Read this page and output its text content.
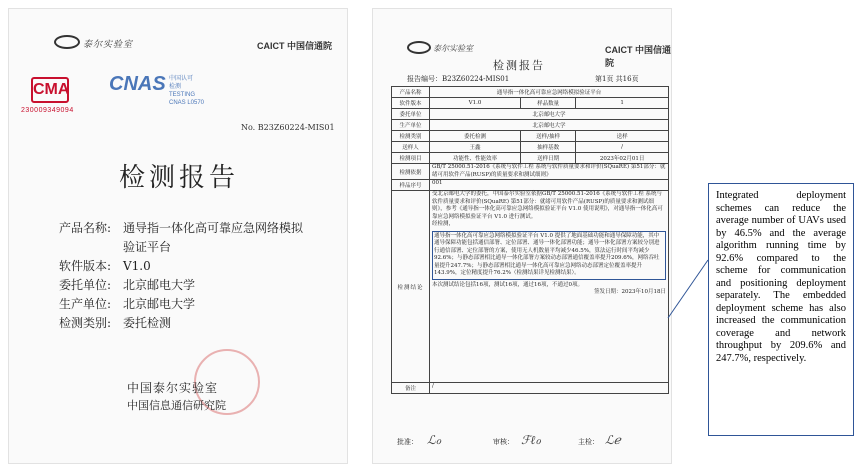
泰尔实验室	CAICT 中国信通院
CMA
230009349094
CNAS 中国认可
检测
TESTING
CNAS L0570
No. B23Z60224-MIS01
检测报告
产品名称: 通导指一体化高可靠应急网络模拟验证平台
软件版本: V1.0
委托单位: 北京邮电大学
生产单位: 北京邮电大学
检测类别: 委托检测
中国泰尔实验室
中国信息通信研究院
泰尔实验室	CAICT 中国信通院
检测报告
报告编号：B23Z60224-MIS01	第1页 共16页
产品名称	通导指一体化高可靠应急网络模拟验证平台		
软件版本	V1.0	样品数量	1
委托单位	北京邮电大学		
生产单位	北京邮电大学		
检测类别	委托检测	送样/抽样	送样
送样人	王鑫	抽样基数	/
检测项目	功能性、性能效率	送样日期	2023年02月01日
检测依据	GB/T 25000.51-2016《系统与软件工程 系统与软件质量要求和评价(SQuaRE) 第51部分：就绪可用软件产品(RUSP)的质量要求和测试细则》		
样品序号	001		
检测结论	受北京邮电大学的委托，中国泰尔实验室依据GB/T 25000.51-2016《系统与软件工程 系统与软件质量要求和评价(SQuaRE) 第51部分：就绪可用软件产品(RUSP)的质量要求和测试细则》，参考《通导指一体化高可靠应急网络模拟验证平台 V1.0 使用说明》，对通导指一体化高可靠应急网络模拟验证平台 V1.0 进行测试。
经检测，
通导指一体化高可靠应急网络模拟验证平台 V1.0 提供了地面基础功能和通导保障功能，其中通导保障功能包括通信部署、定位部署、通导一体化部署功能；通导一体化部署方案较分别进行通信部署、定位部署的方案，使用无人机数量平均减少46.5%，算法运行时间平均减少92.6%；与静态部署相比通导一体化部署方案较动态部署通信覆盖率提升209.6%，网络吞吐量提升247.7%；与静态部署相比通导一体化高可靠应急网络动态部署定位覆盖率提升143.9%，定位精度提升76.2%（检测结果详见检测结果）。
本次测试结论包括16项，测试16项，通过16项，不通过0项。
签发日期：2023年10月18日		

备注	/		
批准： ℒℴ	审核： ℱℓℴ	主检： ℒℯ
Integrated deployment schemes can reduce the average number of UAVs used by 46.5% and the average algorithm running time by 92.6% compared to the scheme for communication and positioning deployment separately. The embedded deployment scheme has also increased the communication coverage and network throughput by 209.6% and 247.7%, respectively.
